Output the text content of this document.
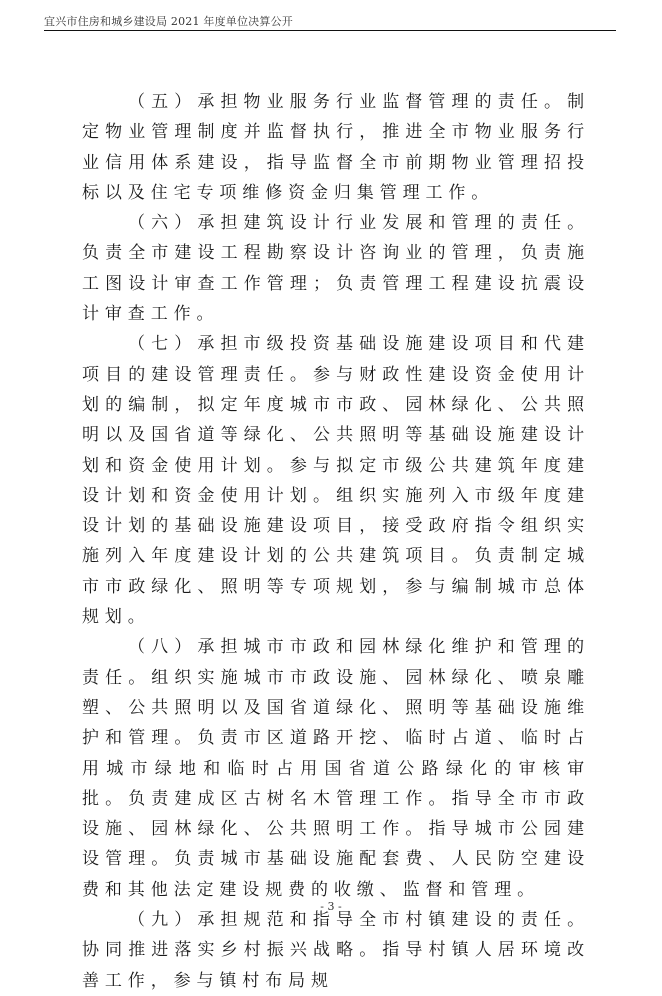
宜兴市住房和城乡建设局 2021 年度单位决算公开

（五）承担物业服务行业监督管理的责任。制定物业管理制度并监督执行，推进全市物业服务行业信用体系建设，指导监督全市前期物业管理招投标以及住宅专项维修资金归集管理工作。

（六）承担建筑设计行业发展和管理的责任。负责全市建设工程勘察设计咨询业的管理，负责施工图设计审查工作管理；负责管理工程建设抗震设计审查工作。

（七）承担市级投资基础设施建设项目和代建项目的建设管理责任。参与财政性建设资金使用计划的编制，拟定年度城市市政、园林绿化、公共照明以及国省道等绿化、公共照明等基础设施建设计划和资金使用计划。参与拟定市级公共建筑年度建设计划和资金使用计划。组织实施列入市级年度建设计划的基础设施建设项目，接受政府指令组织实施列入年度建设计划的公共建筑项目。负责制定城市市政绿化、照明等专项规划，参与编制城市总体规划。

（八）承担城市市政和园林绿化维护和管理的责任。组织实施城市市政设施、园林绿化、喷泉雕塑、公共照明以及国省道绿化、照明等基础设施维护和管理。负责市区道路开挖、临时占道、临时占用城市绿地和临时占用国省道公路绿化的审核审批。负责建成区古树名木管理工作。指导全市市政设施、园林绿化、公共照明工作。指导城市公园建设管理。负责城市基础设施配套费、人民防空建设费和其他法定建设规费的收缴、监督和管理。

（九）承担规范和指导全市村镇建设的责任。协同推进落实乡村振兴战略。指导村镇人居环境改善工作，参与镇村布局规

- 3 -
